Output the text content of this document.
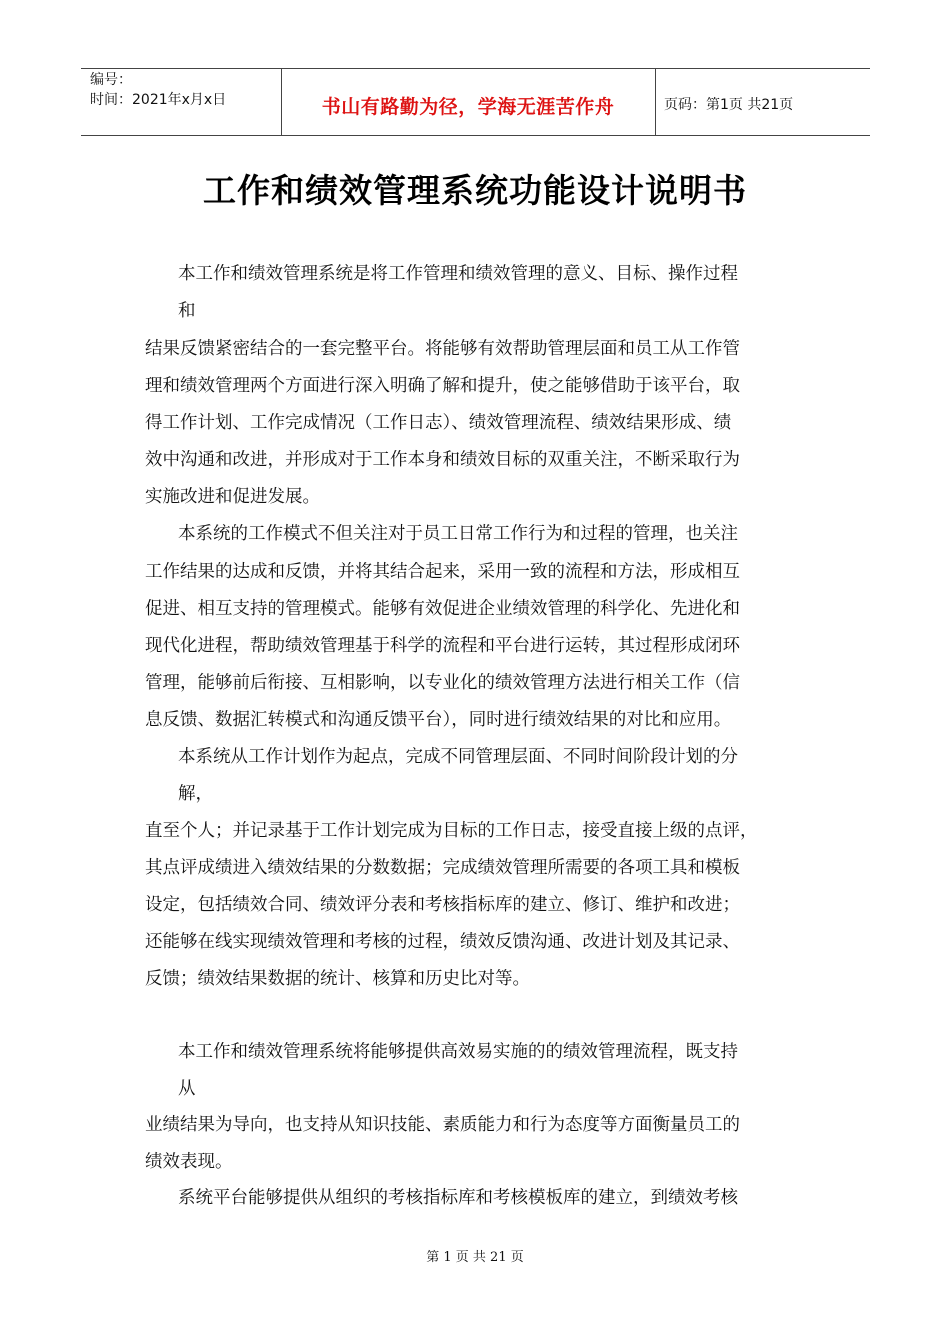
编号：
时间：2021年x月x日	书山有路勤为径，学海无涯苦作舟	页码：第1页 共21页
工作和绩效管理系统功能设计说明书
本工作和绩效管理系统是将工作管理和绩效管理的意义、目标、操作过程
和
结果反馈紧密结合的一套完整平台。将能够有效帮助管理层面和员工从工作管
理和绩效管理两个方面进行深入明确了解和提升，使之能够借助于该平台，取
得工作计划、工作完成情况（工作日志）、绩效管理流程、绩效结果形成、绩
效中沟通和改进，并形成对于工作本身和绩效目标的双重关注，不断采取行为
实施改进和促进发展。
本系统的工作模式不但关注对于员工日常工作行为和过程的管理，也关注
工作结果的达成和反馈，并将其结合起来，采用一致的流程和方法，形成相互
促进、相互支持的管理模式。能够有效促进企业绩效管理的科学化、先进化和
现代化进程，帮助绩效管理基于科学的流程和平台进行运转，其过程形成闭环
管理，能够前后衔接、互相影响，以专业化的绩效管理方法进行相关工作（信
息反馈、数据汇转模式和沟通反馈平台），同时进行绩效结果的对比和应用。
本系统从工作计划作为起点，完成不同管理层面、不同时间阶段计划的分
解，
直至个人；并记录基于工作计划完成为目标的工作日志，接受直接上级的点评，
其点评成绩进入绩效结果的分数数据；完成绩效管理所需要的各项工具和模板
设定，包括绩效合同、绩效评分表和考核指标库的建立、修订、维护和改进；
还能够在线实现绩效管理和考核的过程，绩效反馈沟通、改进计划及其记录、
反馈；绩效结果数据的统计、核算和历史比对等。
本工作和绩效管理系统将能够提供高效易实施的的绩效管理流程，既支持
从
业绩结果为导向，也支持从知识技能、素质能力和行为态度等方面衡量员工的
绩效表现。
系统平台能够提供从组织的考核指标库和考核模板库的建立，到绩效考核
第 1 页 共 21 页
